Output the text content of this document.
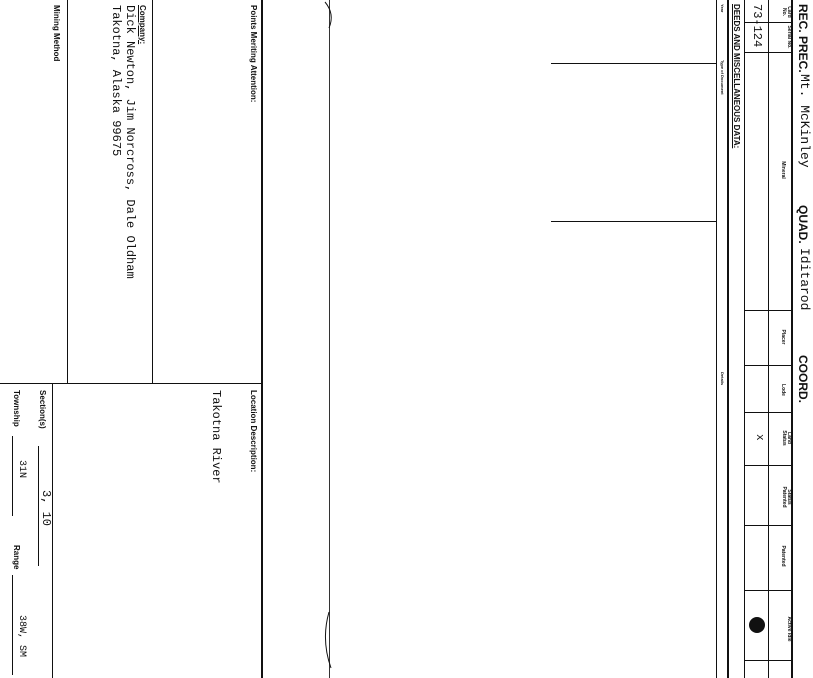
REC. PREC.
Mt. McKinley
QUAD.
Iditarod
COORD.
Card No.
Serial No.
Mineral
Placer
Lode
Land Status
Status Patented
Patented
Active Idle
73-124
x
DEEDS AND MISCELLANEOUS DATA:
Year
Type of Document
Details
Points Meriting Attention:
Location Description:
Takotna River
Company:
Dick Newton, Jim Norcross, Dale Oldham
Takotna, Alaska 99675
Mining Method
Section(s)
3, 10
Township
31N
Range
38W, SM
